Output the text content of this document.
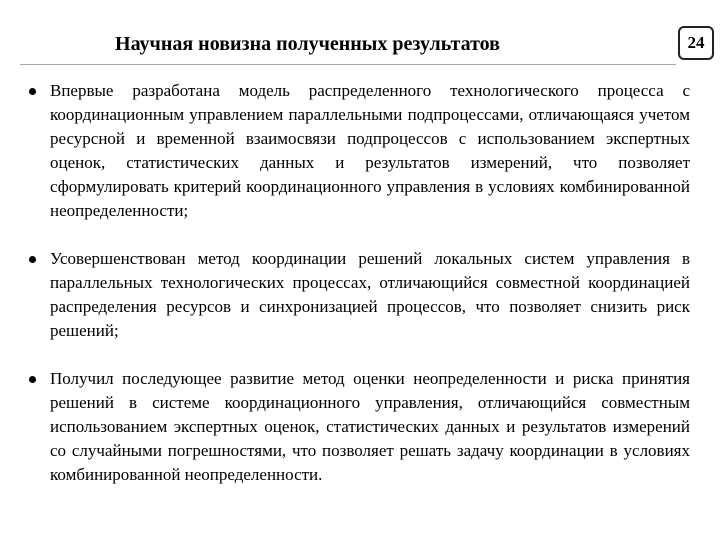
Научная новизна полученных результатов	24
Впервые разработана модель распределенного технологического процесса с координационным управлением параллельными подпроцессами, отличающаяся учетом ресурсной и временной взаимосвязи подпроцессов с использованием экспертных оценок, статистических данных и результатов измерений, что позволяет сформулировать критерий координационного управления в условиях комбинированной неопределенности;
Усовершенствован метод координации решений локальных систем управления в параллельных технологических процессах, отличающийся совместной координацией распределения ресурсов и синхронизацией процессов, что позволяет снизить риск решений;
Получил последующее развитие метод оценки неопределенности и риска принятия решений в системе координационного управления, отличающийся совместным использованием экспертных оценок, статистических данных и результатов измерений со случайными погрешностями, что позволяет решать задачу координации в условиях комбинированной неопределенности.
